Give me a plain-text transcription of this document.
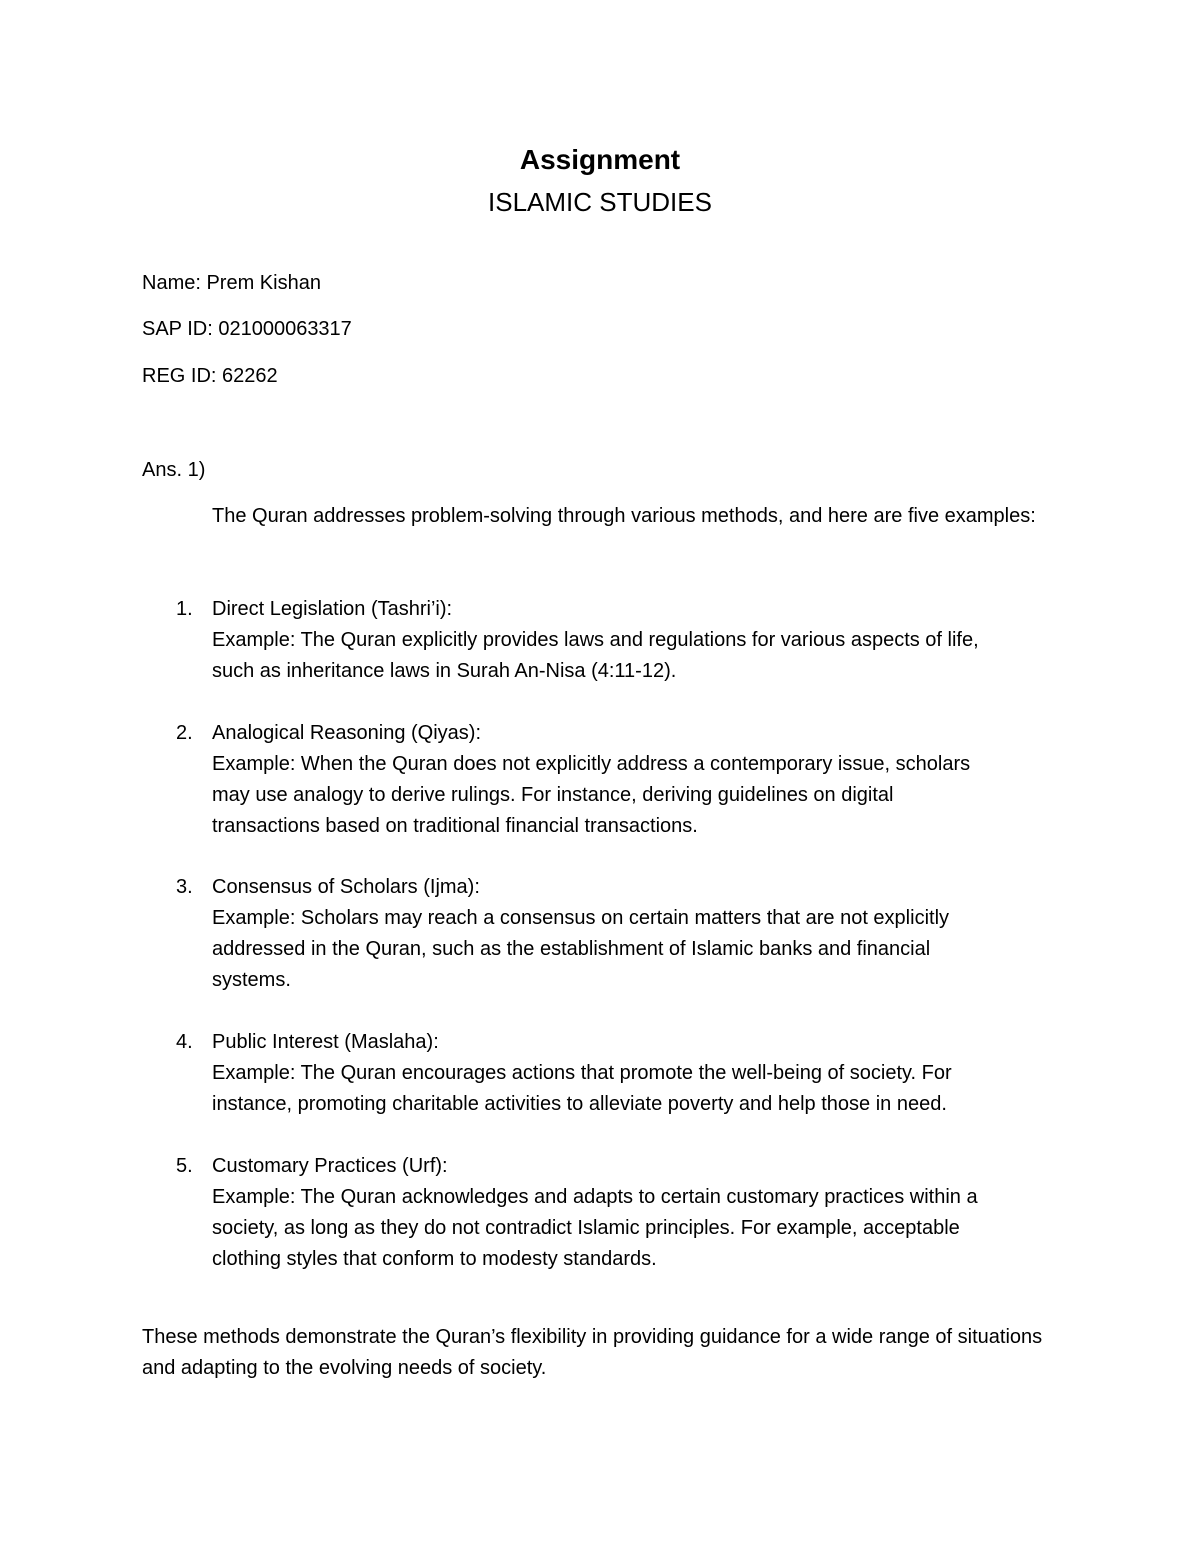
Assignment
ISLAMIC STUDIES
Name: Prem Kishan
SAP ID: 021000063317
REG ID: 62262
Ans. 1)
The Quran addresses problem-solving through various methods, and here are five examples:
1. Direct Legislation (Tashri’i):
Example: The Quran explicitly provides laws and regulations for various aspects of life,
such as inheritance laws in Surah An-Nisa (4:11-12).
2. Analogical Reasoning (Qiyas):
Example: When the Quran does not explicitly address a contemporary issue, scholars
may use analogy to derive rulings. For instance, deriving guidelines on digital
transactions based on traditional financial transactions.
3. Consensus of Scholars (Ijma):
Example: Scholars may reach a consensus on certain matters that are not explicitly
addressed in the Quran, such as the establishment of Islamic banks and financial
systems.
4. Public Interest (Maslaha):
Example: The Quran encourages actions that promote the well-being of society. For
instance, promoting charitable activities to alleviate poverty and help those in need.
5. Customary Practices (Urf):
Example: The Quran acknowledges and adapts to certain customary practices within a
society, as long as they do not contradict Islamic principles. For example, acceptable
clothing styles that conform to modesty standards.
These methods demonstrate the Quran’s flexibility in providing guidance for a wide range of situations and adapting to the evolving needs of society.
